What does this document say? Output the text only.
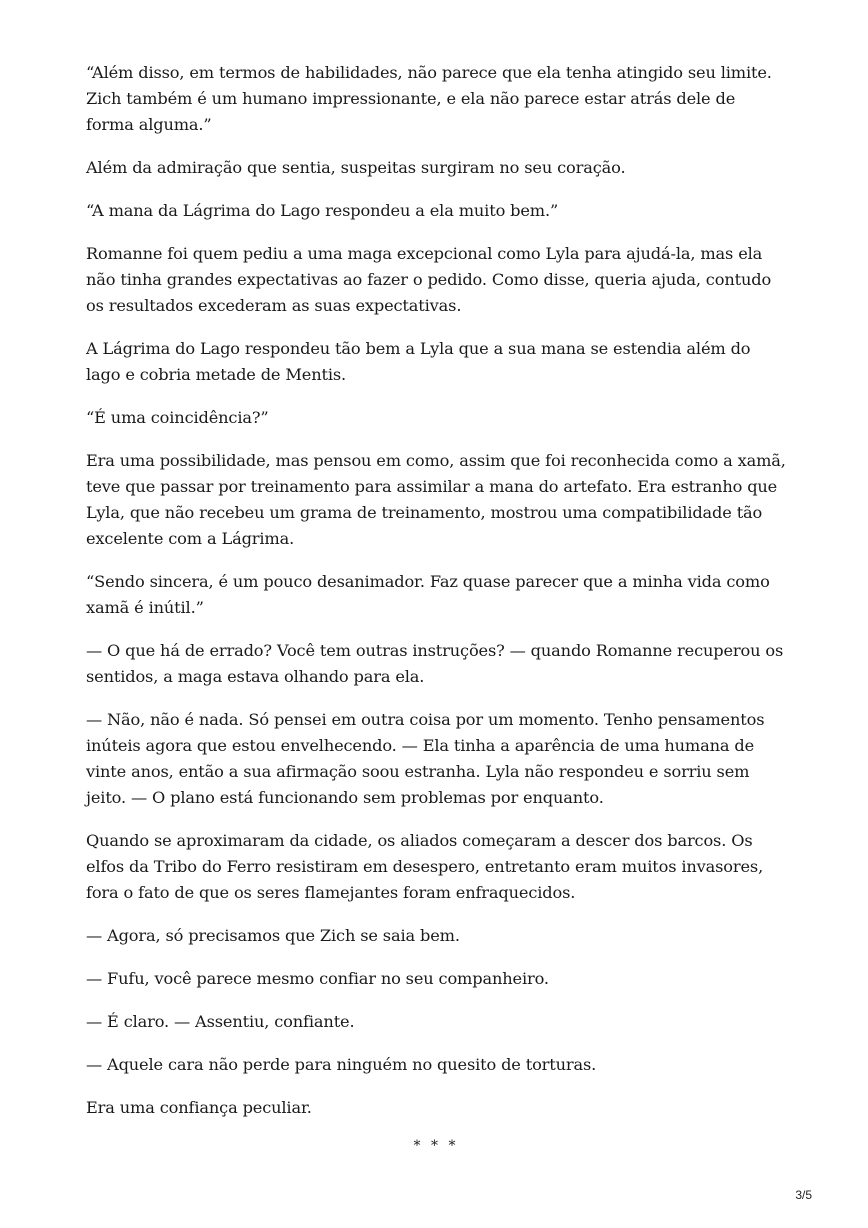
“Além disso, em termos de habilidades, não parece que ela tenha atingido seu limite. Zich também é um humano impressionante, e ela não parece estar atrás dele de forma alguma.”

Além da admiração que sentia, suspeitas surgiram no seu coração.

“A mana da Lágrima do Lago respondeu a ela muito bem.”

Romanne foi quem pediu a uma maga excepcional como Lyla para ajudá-la, mas ela não tinha grandes expectativas ao fazer o pedido. Como disse, queria ajuda, contudo os resultados excederam as suas expectativas.

A Lágrima do Lago respondeu tão bem a Lyla que a sua mana se estendia além do lago e cobria metade de Mentis.

“É uma coincidência?”

Era uma possibilidade, mas pensou em como, assim que foi reconhecida como a xamã, teve que passar por treinamento para assimilar a mana do artefato. Era estranho que Lyla, que não recebeu um grama de treinamento, mostrou uma compatibilidade tão excelente com a Lágrima.

“Sendo sincera, é um pouco desanimador. Faz quase parecer que a minha vida como xamã é inútil.”

— O que há de errado? Você tem outras instruções? — quando Romanne recuperou os sentidos, a maga estava olhando para ela.

— Não, não é nada. Só pensei em outra coisa por um momento. Tenho pensamentos inúteis agora que estou envelhecendo. — Ela tinha a aparência de uma humana de vinte anos, então a sua afirmação soou estranha. Lyla não respondeu e sorriu sem jeito. — O plano está funcionando sem problemas por enquanto.

Quando se aproximaram da cidade, os aliados começaram a descer dos barcos. Os elfos da Tribo do Ferro resistiram em desespero, entretanto eram muitos invasores, fora o fato de que os seres flamejantes foram enfraquecidos.

— Agora, só precisamos que Zich se saia bem.

— Fufu, você parece mesmo confiar no seu companheiro.

— É claro. — Assentiu, confiante.

— Aquele cara não perde para ninguém no quesito de torturas.

Era uma confiança peculiar.

* * *
3/5
